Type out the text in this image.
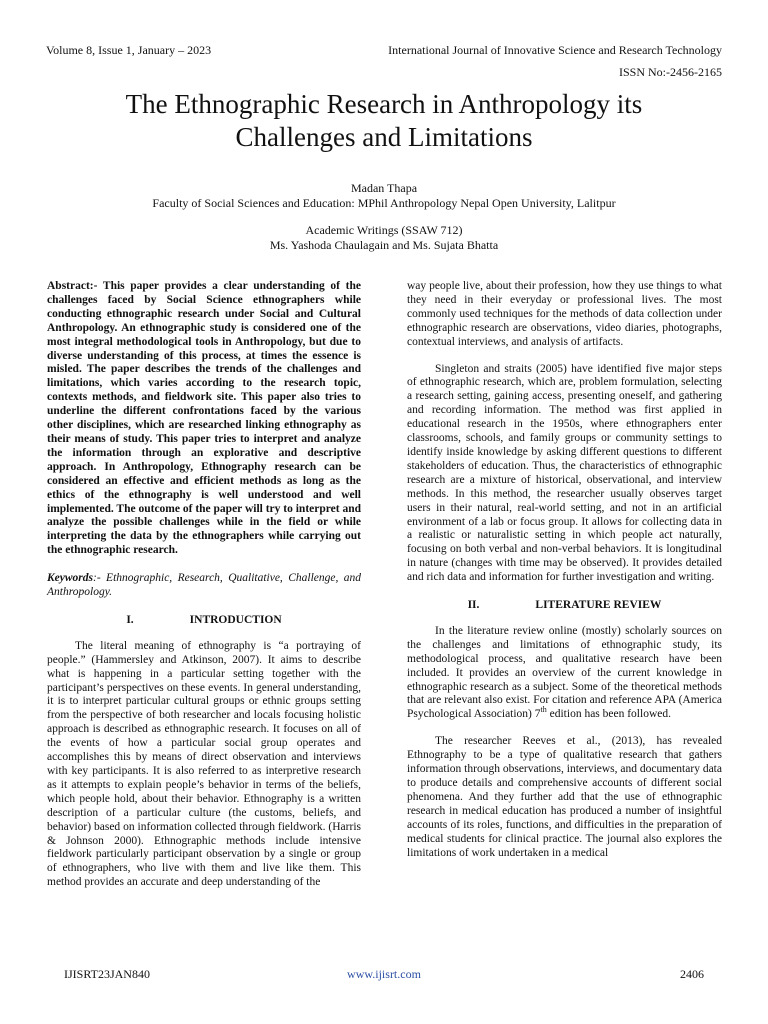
Volume 8, Issue 1, January – 2023	International Journal of Innovative Science and Research Technology
ISSN No:-2456-2165
The Ethnographic Research in Anthropology its
Challenges and Limitations
Madan Thapa
Faculty of Social Sciences and Education: MPhil Anthropology Nepal Open University, Lalitpur
Academic Writings (SSAW 712)
Ms. Yashoda Chaulagain and Ms. Sujata Bhatta

Abstract:- This paper provides a clear understanding of the challenges faced by Social Science ethnographers while conducting ethnographic research under Social and Cultural Anthropology. An ethnographic study is considered one of the most integral methodological tools in Anthropology, but due to diverse understanding of this process, at times the essence is misled. The paper describes the trends of the challenges and limitations, which varies according to the research topic, contexts methods, and fieldwork site. This paper also tries to underline the different confrontations faced by the various other disciplines, which are researched linking ethnography as their means of study. This paper tries to interpret and analyze the information through an explorative and descriptive approach. In Anthropology, Ethnography research can be considered an effective and efficient methods as long as the ethics of the ethnography is well understood and well implemented. The outcome of the paper will try to interpret and analyze the possible challenges while in the field or while interpreting the data by the ethnographers while carrying out the ethnographic research.

Keywords:- Ethnographic, Research, Qualitative, Challenge, and Anthropology.

I.	INTRODUCTION

The literal meaning of ethnography is “a portraying of people.” (Hammersley and Atkinson, 2007). It aims to describe what is happening in a particular setting together with the participant’s perspectives on these events. In general understanding, it is to interpret particular cultural groups or ethnic groups setting from the perspective of both researcher and locals focusing holistic approach is described as ethnographic research. It focuses on all of the events of how a particular social group operates and accomplishes this by means of direct observation and interviews with key participants. It is also referred to as interpretive research as it attempts to explain people’s behavior in terms of the beliefs, which people hold, about their behavior. Ethnography is a written description of a particular culture (the customs, beliefs, and behavior) based on information collected through fieldwork. (Harris & Johnson 2000). Ethnographic methods include intensive fieldwork particularly participant observation by a single or group of ethnographers, who live with them and live like them. This method provides an accurate and deep understanding of the

way people live, about their profession, how they use things to what they need in their everyday or professional lives. The most commonly used techniques for the methods of data collection under ethnographic research are observations, video diaries, photographs, contextual interviews, and analysis of artifacts.

Singleton and straits (2005) have identified five major steps of ethnographic research, which are, problem formulation, selecting a research setting, gaining access, presenting oneself, and gathering and recording information. The method was first applied in educational research in the 1950s, where ethnographers enter classrooms, schools, and family groups or community settings to identify inside knowledge by asking different questions to different stakeholders of education. Thus, the characteristics of ethnographic research are a mixture of historical, observational, and interview methods. In this method, the researcher usually observes target users in their natural, real-world setting, and not in an artificial environment of a lab or focus group. It allows for collecting data in a realistic or naturalistic setting in which people act naturally, focusing on both verbal and non-verbal behaviors. It is longitudinal in nature (changes with time may be observed). It provides detailed and rich data and information for further investigation and writing.

II.	LITERATURE REVIEW

In the literature review online (mostly) scholarly sources on the challenges and limitations of ethnographic study, its methodological process, and qualitative research have been included. It provides an overview of the current knowledge in ethnographic research as a subject. Some of the theoretical methods that are relevant also exist. For citation and reference APA (America Psychological Association) 7th edition has been followed.

The researcher Reeves et al., (2013), has revealed Ethnography to be a type of qualitative research that gathers information through observations, interviews, and documentary data to produce details and comprehensive accounts of different social phenomena. And they further add that the use of ethnographic research in medical education has produced a number of insightful accounts of its roles, functions, and difficulties in the preparation of medical students for clinical practice. The journal also explores the limitations of work undertaken in a medical

IJISRT23JAN840	www.ijisrt.com	2406
